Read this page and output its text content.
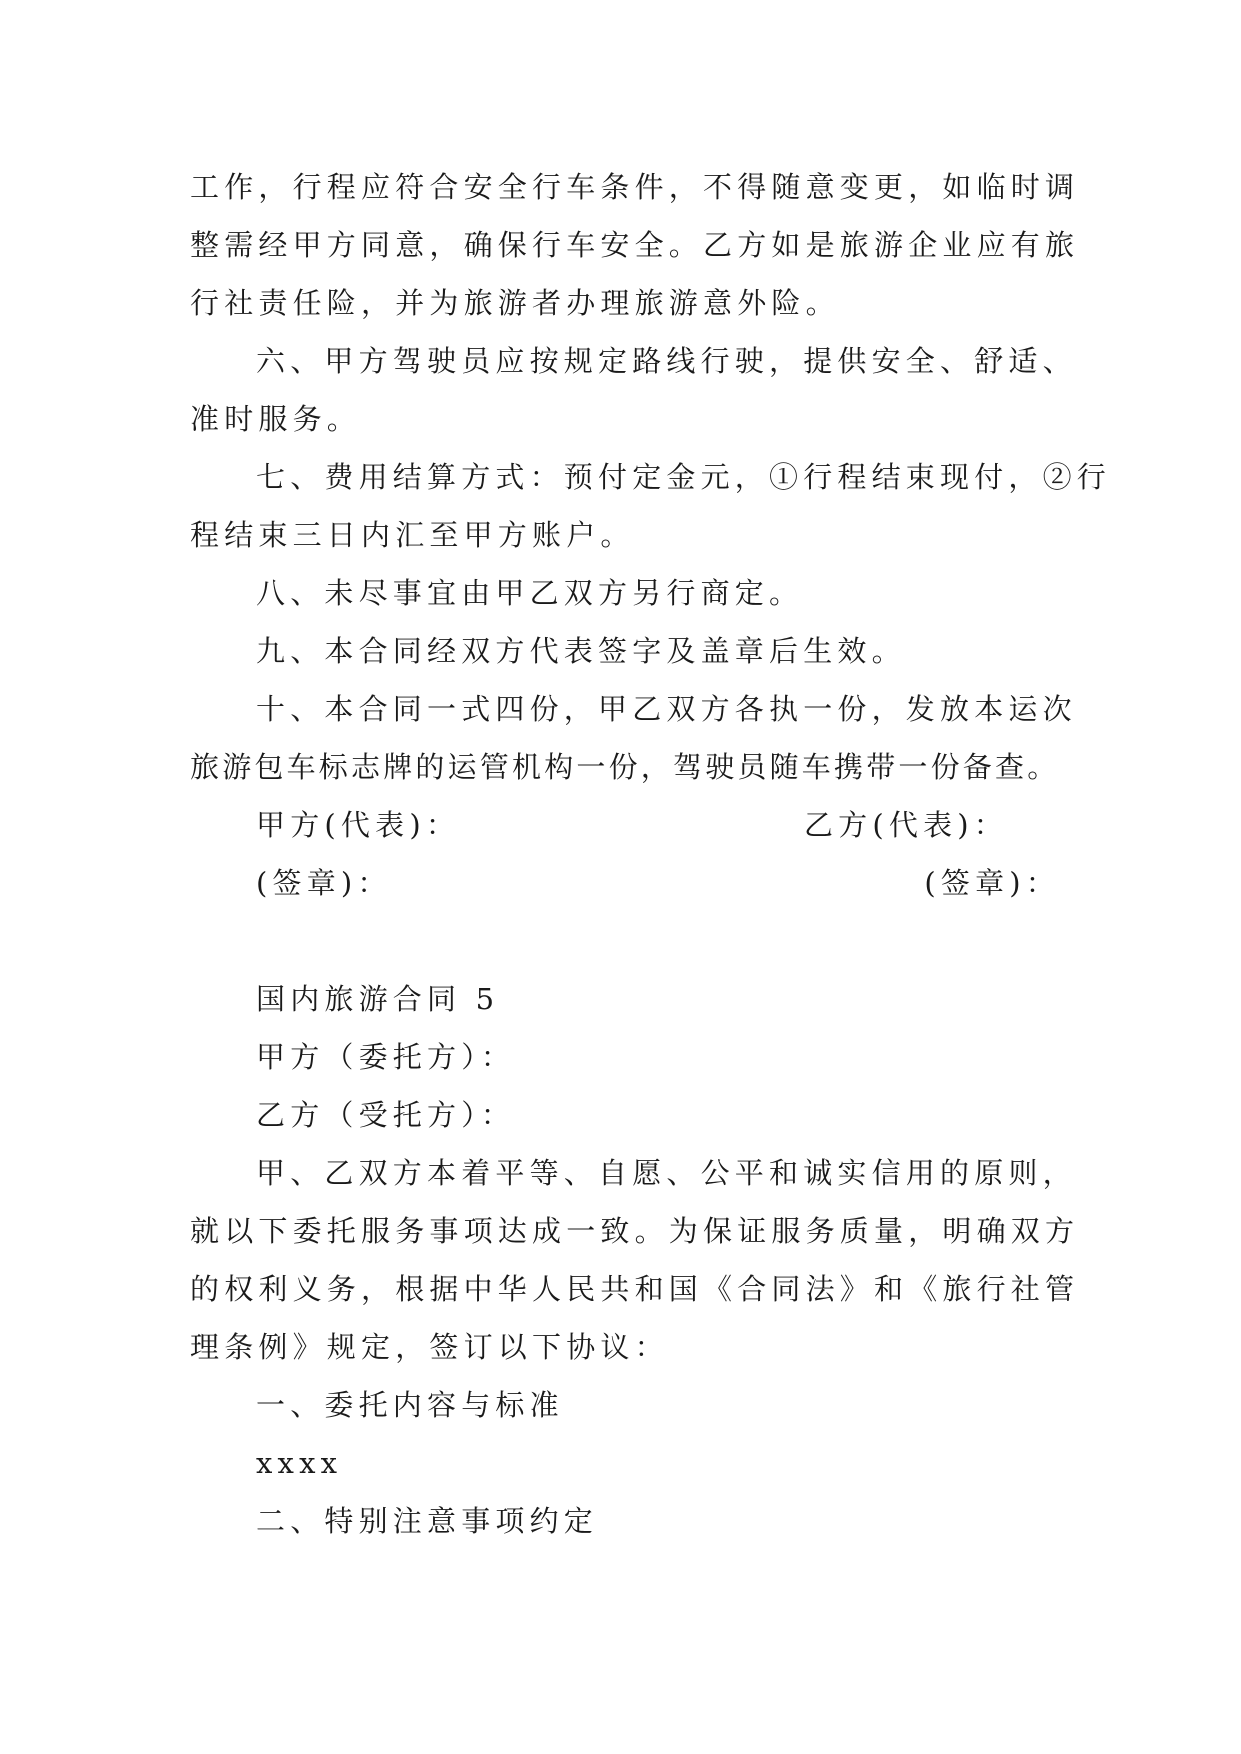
工作，行程应符合安全行车条件，不得随意变更，如临时调
整需经甲方同意，确保行车安全。乙方如是旅游企业应有旅
行社责任险，并为旅游者办理旅游意外险。
六、甲方驾驶员应按规定路线行驶，提供安全、舒适、
准时服务。
七、费用结算方式：预付定金元，①行程结束现付，②行
程结束三日内汇至甲方账户。
八、未尽事宜由甲乙双方另行商定。
九、本合同经双方代表签字及盖章后生效。
十、本合同一式四份，甲乙双方各执一份，发放本运次
旅游包车标志牌的运管机构一份，驾驶员随车携带一份备查。
甲方(代表)：	乙方(代表)：
(签章)：	(签章)：
国内旅游合同 5
甲方（委托方）：
乙方（受托方）：
甲、乙双方本着平等、自愿、公平和诚实信用的原则，
就以下委托服务事项达成一致。为保证服务质量，明确双方
的权利义务，根据中华人民共和国《合同法》和《旅行社管
理条例》规定，签订以下协议：
一、委托内容与标准
xxxx
二、特别注意事项约定
